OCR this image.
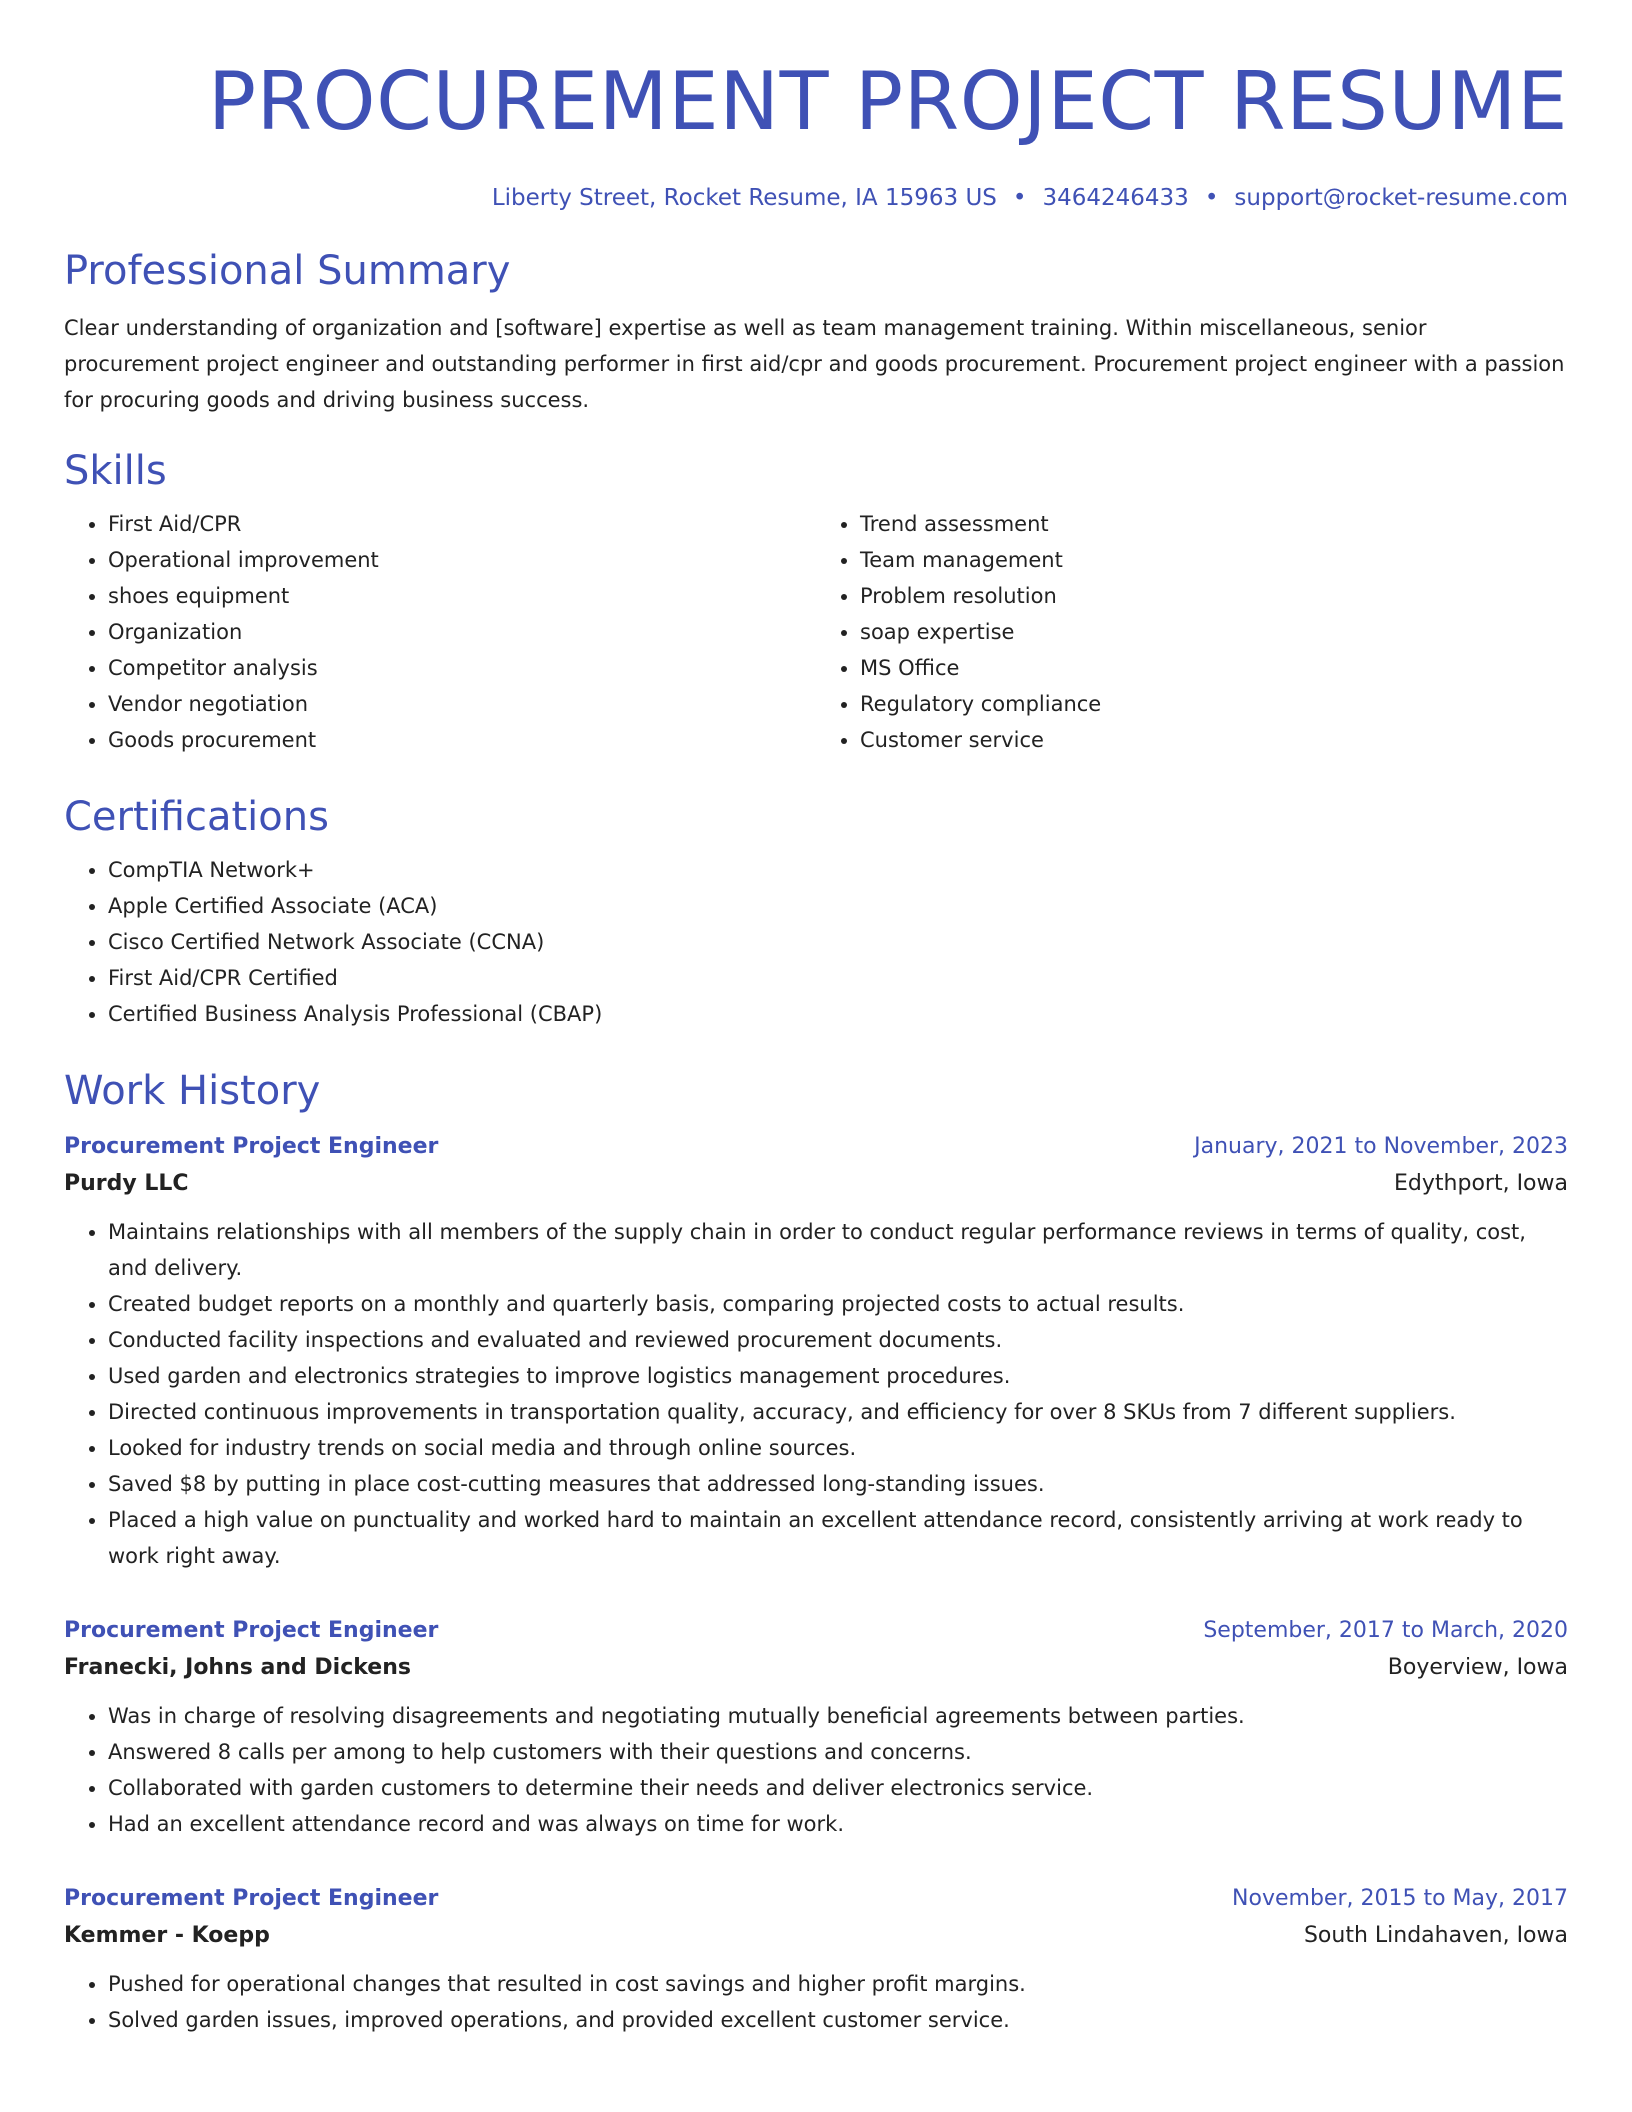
PROCUREMENT PROJECT RESUME
Liberty Street, Rocket Resume, IA 15963 US • 3464246433 • support@rocket-resume.com
Professional Summary

Clear understanding of organization and [software] expertise as well as team management training. Within miscellaneous, senior procurement project engineer and outstanding performer in first aid/cpr and goods procurement. Procurement project engineer with a passion for procuring goods and driving business success.

Skills
• First Aid/CPR
• Operational improvement
• shoes equipment
• Organization
• Competitor analysis
• Vendor negotiation
• Goods procurement
• Trend assessment
• Team management
• Problem resolution
• soap expertise
• MS Office
• Regulatory compliance
• Customer service
Certifications
• CompTIA Network+
• Apple Certified Associate (ACA)
• Cisco Certified Network Associate (CCNA)
• First Aid/CPR Certified
• Certified Business Analysis Professional (CBAP)
Work History
Procurement Project Engineer	January, 2021 to November, 2023
Purdy LLC	Edythport, Iowa
• Maintains relationships with all members of the supply chain in order to conduct regular performance reviews in terms of quality, cost, and delivery.
• Created budget reports on a monthly and quarterly basis, comparing projected costs to actual results.
• Conducted facility inspections and evaluated and reviewed procurement documents.
• Used garden and electronics strategies to improve logistics management procedures.
• Directed continuous improvements in transportation quality, accuracy, and efficiency for over 8 SKUs from 7 different suppliers.
• Looked for industry trends on social media and through online sources.
• Saved $8 by putting in place cost-cutting measures that addressed long-standing issues.
• Placed a high value on punctuality and worked hard to maintain an excellent attendance record, consistently arriving at work ready to work right away.
Procurement Project Engineer	September, 2017 to March, 2020
Franecki, Johns and Dickens	Boyerview, Iowa
• Was in charge of resolving disagreements and negotiating mutually beneficial agreements between parties.
• Answered 8 calls per among to help customers with their questions and concerns.
• Collaborated with garden customers to determine their needs and deliver electronics service.
• Had an excellent attendance record and was always on time for work.
Procurement Project Engineer	November, 2015 to May, 2017
Kemmer - Koepp	South Lindahaven, Iowa
• Pushed for operational changes that resulted in cost savings and higher profit margins.
• Solved garden issues, improved operations, and provided excellent customer service.
